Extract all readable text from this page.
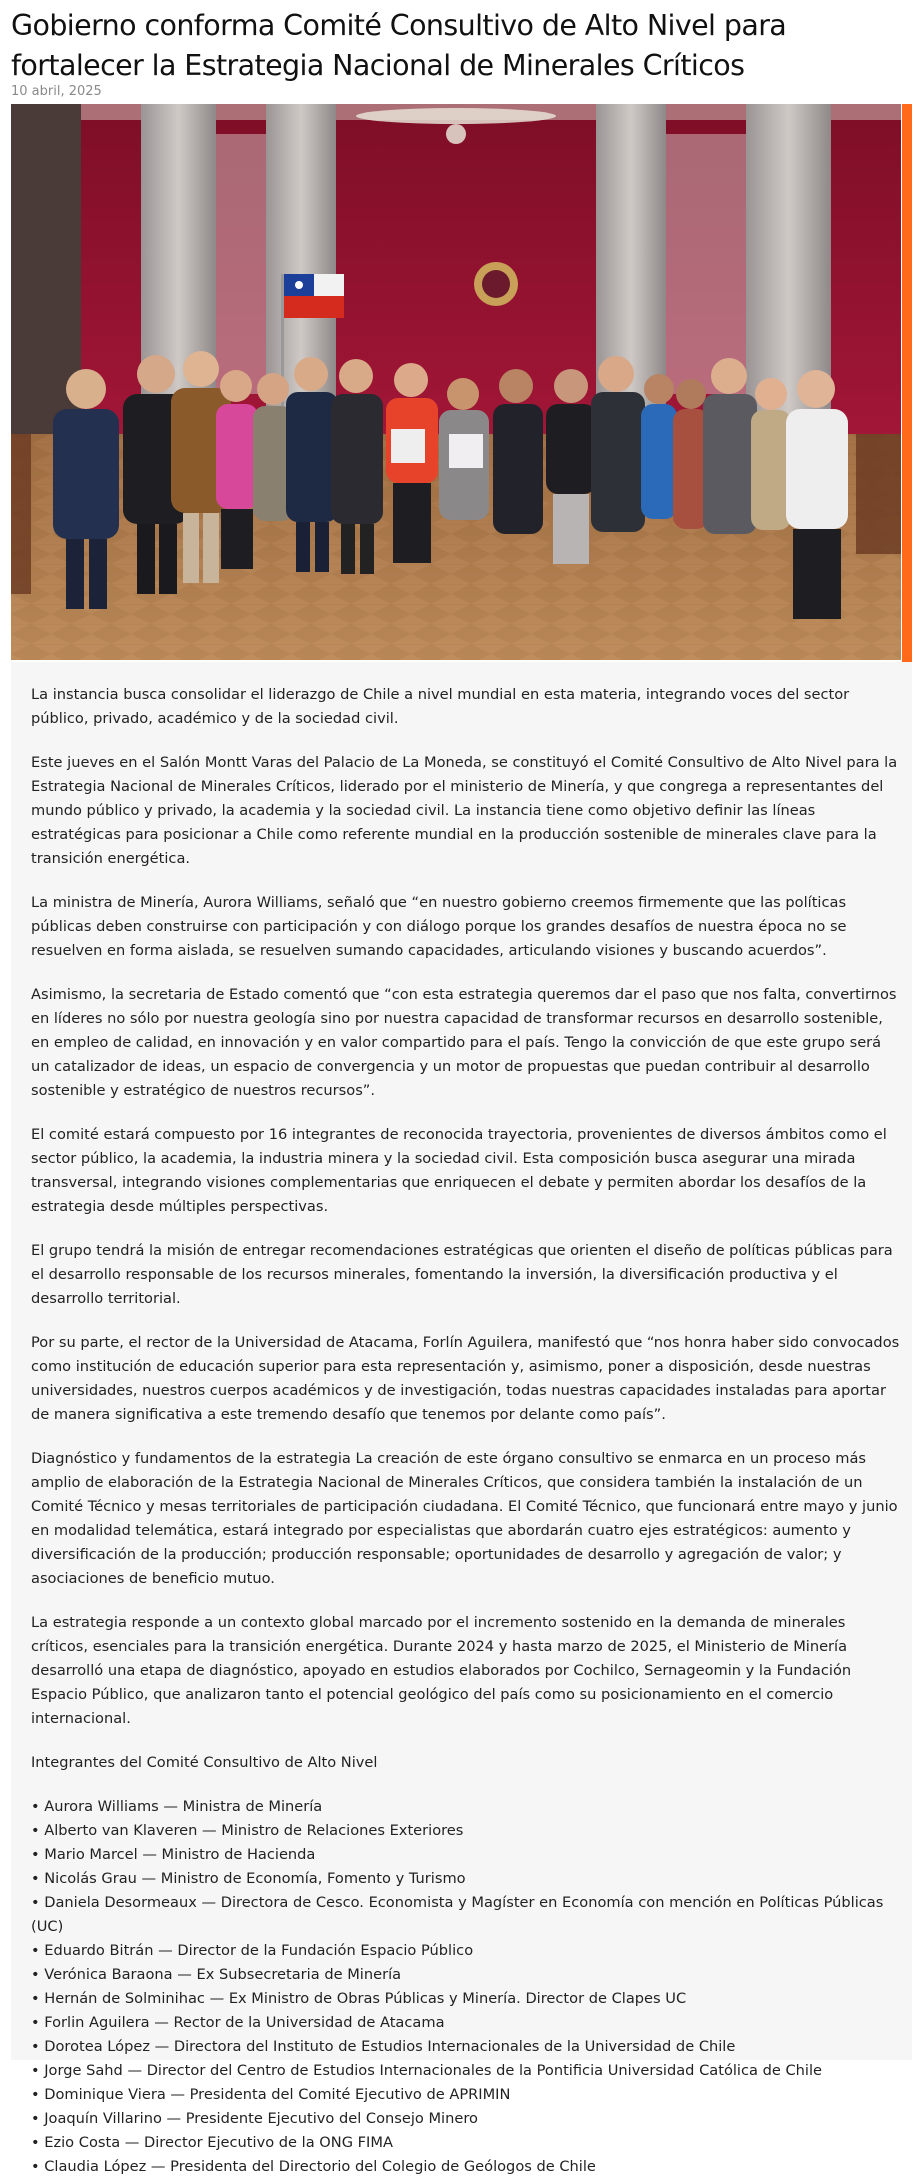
Gobierno conforma Comité Consultivo de Alto Nivel para fortalecer la Estrategia Nacional de Minerales Críticos
10 abril, 2025

La instancia busca consolidar el liderazgo de Chile a nivel mundial en esta materia, integrando voces del sector público, privado, académico y de la sociedad civil.

Este jueves en el Salón Montt Varas del Palacio de La Moneda, se constituyó el Comité Consultivo de Alto Nivel para la Estrategia Nacional de Minerales Críticos, liderado por el ministerio de Minería, y que congrega a representantes del mundo público y privado, la academia y la sociedad civil. La instancia tiene como objetivo definir las líneas estratégicas para posicionar a Chile como referente mundial en la producción sostenible de minerales clave para la transición energética.

La ministra de Minería, Aurora Williams, señaló que “en nuestro gobierno creemos firmemente que las políticas públicas deben construirse con participación y con diálogo porque los grandes desafíos de nuestra época no se resuelven en forma aislada, se resuelven sumando capacidades, articulando visiones y buscando acuerdos”.

Asimismo, la secretaria de Estado comentó que “con esta estrategia queremos dar el paso que nos falta, convertirnos en líderes no sólo por nuestra geología sino por nuestra capacidad de transformar recursos en desarrollo sostenible, en empleo de calidad, en innovación y en valor compartido para el país. Tengo la convicción de que este grupo será un catalizador de ideas, un espacio de convergencia y un motor de propuestas que puedan contribuir al desarrollo sostenible y estratégico de nuestros recursos”.

El comité estará compuesto por 16 integrantes de reconocida trayectoria, provenientes de diversos ámbitos como el sector público, la academia, la industria minera y la sociedad civil. Esta composición busca asegurar una mirada transversal, integrando visiones complementarias que enriquecen el debate y permiten abordar los desafíos de la estrategia desde múltiples perspectivas.

El grupo tendrá la misión de entregar recomendaciones estratégicas que orienten el diseño de políticas públicas para el desarrollo responsable de los recursos minerales, fomentando la inversión, la diversificación productiva y el desarrollo territorial.

Por su parte, el rector de la Universidad de Atacama, Forlín Aguilera, manifestó que “nos honra haber sido convocados como institución de educación superior para esta representación y, asimismo, poner a disposición, desde nuestras universidades, nuestros cuerpos académicos y de investigación, todas nuestras capacidades instaladas para aportar de manera significativa a este tremendo desafío que tenemos por delante como país”.

Diagnóstico y fundamentos de la estrategia La creación de este órgano consultivo se enmarca en un proceso más amplio de elaboración de la Estrategia Nacional de Minerales Críticos, que considera también la instalación de un Comité Técnico y mesas territoriales de participación ciudadana. El Comité Técnico, que funcionará entre mayo y junio en modalidad telemática, estará integrado por especialistas que abordarán cuatro ejes estratégicos: aumento y diversificación de la producción; producción responsable; oportunidades de desarrollo y agregación de valor; y asociaciones de beneficio mutuo.

La estrategia responde a un contexto global marcado por el incremento sostenido en la demanda de minerales críticos, esenciales para la transición energética. Durante 2024 y hasta marzo de 2025, el Ministerio de Minería desarrolló una etapa de diagnóstico, apoyado en estudios elaborados por Cochilco, Sernageomin y la Fundación Espacio Público, que analizaron tanto el potencial geológico del país como su posicionamiento en el comercio internacional.

Integrantes del Comité Consultivo de Alto Nivel

• Aurora Williams — Ministra de Minería
• Alberto van Klaveren — Ministro de Relaciones Exteriores
• Mario Marcel — Ministro de Hacienda
• Nicolás Grau — Ministro de Economía, Fomento y Turismo
• Daniela Desormeaux — Directora de Cesco. Economista y Magíster en Economía con mención en Políticas Públicas (UC)
• Eduardo Bitrán — Director de la Fundación Espacio Público
• Verónica Baraona — Ex Subsecretaria de Minería
• Hernán de Solminihac — Ex Ministro de Obras Públicas y Minería. Director de Clapes UC
• Forlin Aguilera — Rector de la Universidad de Atacama
• Dorotea López — Directora del Instituto de Estudios Internacionales de la Universidad de Chile
• Jorge Sahd — Director del Centro de Estudios Internacionales de la Pontificia Universidad Católica de Chile
• Dominique Viera — Presidenta del Comité Ejecutivo de APRIMIN
• Joaquín Villarino — Presidente Ejecutivo del Consejo Minero
• Ezio Costa — Director Ejecutivo de la ONG FIMA
• Claudia López — Presidenta del Directorio del Colegio de Geólogos de Chile
